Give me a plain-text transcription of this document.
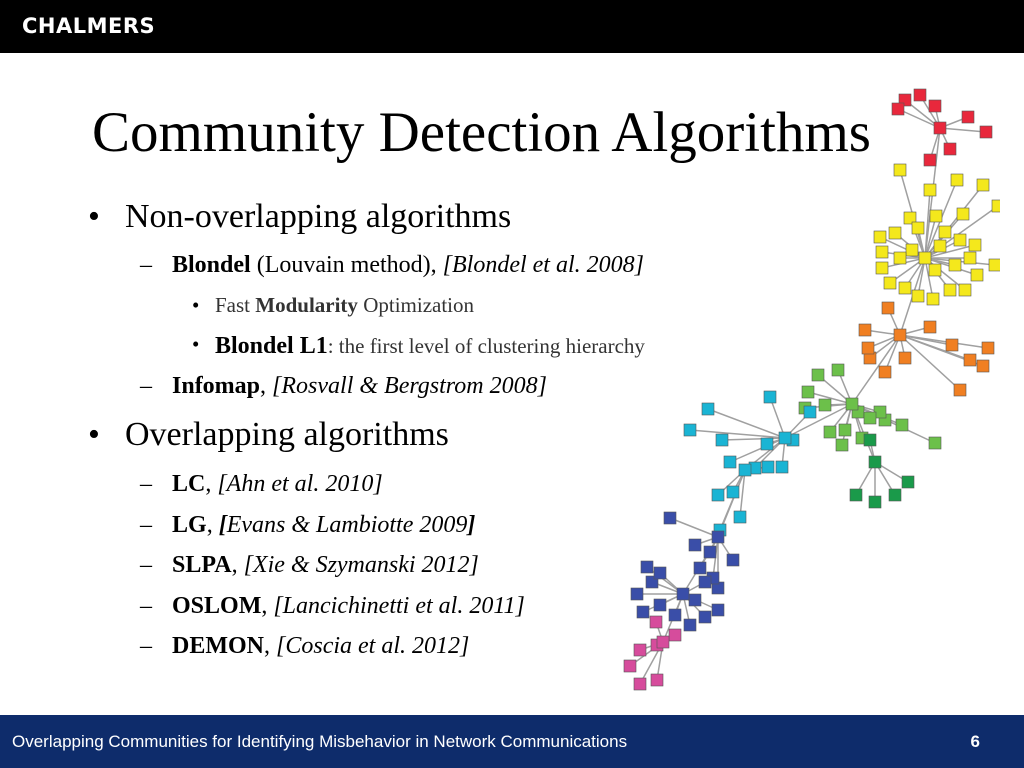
CHALMERS
Community Detection Algorithms
• Non-overlapping algorithms
– Blondel (Louvain method), [Blondel et al. 2008]
• Fast Modularity Optimization
• Blondel L1: the first level of clustering hierarchy
– Infomap, [Rosvall & Bergstrom 2008]
• Overlapping algorithms
– LC, [Ahn et al. 2010]
– LG, [Evans & Lambiotte 2009]
– SLPA, [Xie & Szymanski 2012]
– OSLOM, [Lancichinetti et al. 2011]
– DEMON, [Coscia et al. 2012]
Overlapping Communities for Identifying Misbehavior in Network Communications	6
